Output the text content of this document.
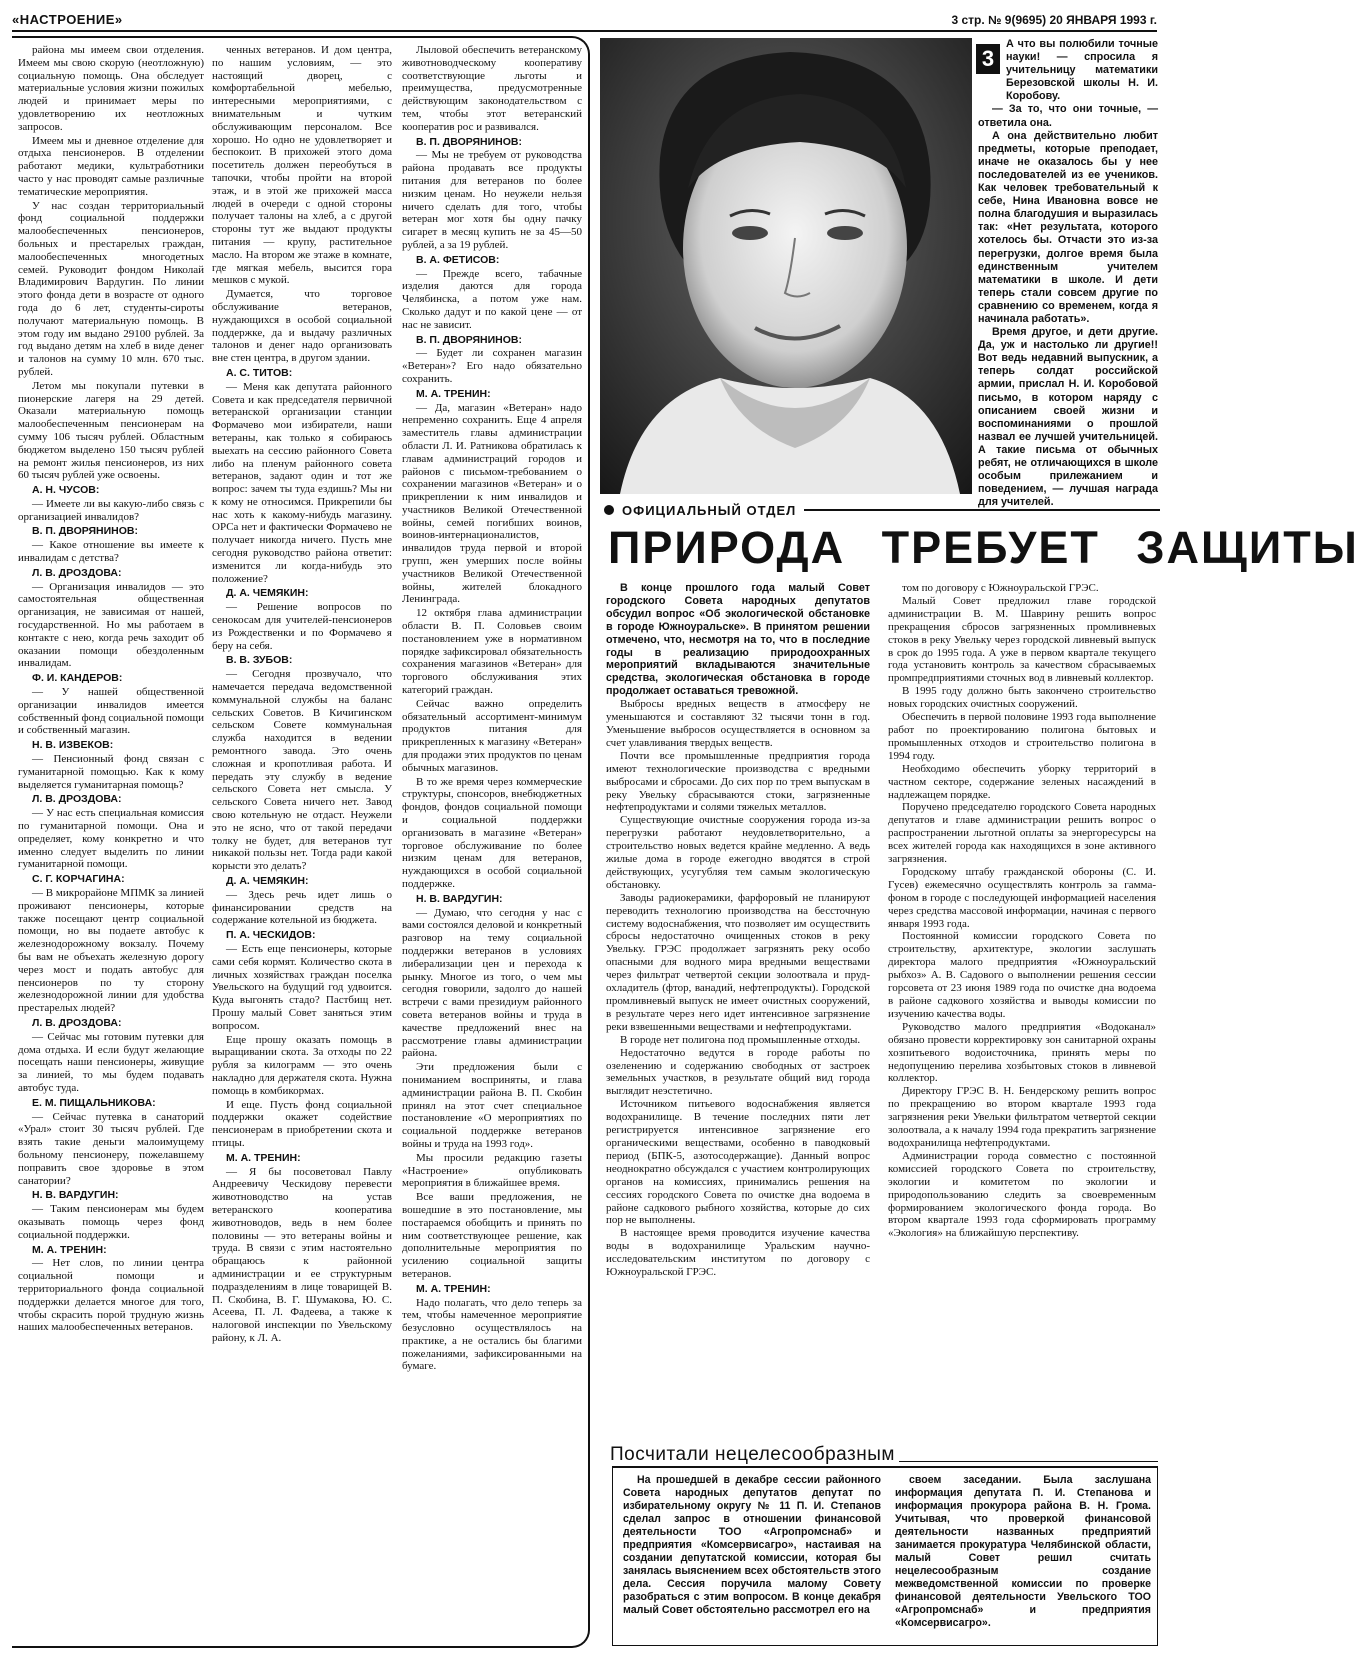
«НАСТРОЕНИЕ»	3 стр. № 9(9695) 20 ЯНВАРЯ 1993 г.

района мы имеем свои отделения. Имеем мы свою скорую (неотложную) социальную помощь. Она обследует материальные условия жизни пожилых людей и принимает меры по удовлетворению их неотложных запросов.

Имеем мы и дневное отделение для отдыха пенсионеров. В отделении работают медики, культработники часто у нас проводят самые различные тематические мероприятия.

У нас создан территориальный фонд социальной поддержки малообеспеченных пенсионеров, больных и престарелых граждан, малообеспеченных многодетных семей. Руководит фондом Николай Владимирович Вардугин. По линии этого фонда дети в возрасте от одного года до 6 лет, студенты-сироты получают материальную помощь. В этом году им выдано 29100 рублей. За год выдано детям на хлеб в виде денег и талонов на сумму 10 млн. 670 тыс. рублей.

Летом мы покупали путевки в пионерские лагеря на 29 детей. Оказали материальную помощь малообеспеченным пенсионерам на сумму 106 тысяч рублей. Областным бюджетом выделено 150 тысяч рублей на ремонт жилья пенсионеров, из них 60 тысяч рублей уже освоены.

А. Н. ЧУСОВ:

— Имеете ли вы какую-либо связь с организацией инвалидов?

В. П. ДВОРЯНИНОВ:

— Какое отношение вы имеете к инвалидам с детства?

Л. В. ДРОЗДОВА:

— Организация инвалидов — это самостоятельная общественная организация, не зависимая от нашей, государственной. Но мы работаем в контакте с нею, когда речь заходит об оказании помощи обездоленным инвалидам.

Ф. И. КАНДЕРОВ:

— У нашей общественной организации инвалидов имеется собственный фонд социальной помощи и собственный магазин.

Н. В. ИЗВЕКОВ:

— Пенсионный фонд связан с гуманитарной помощью. Как к кому выделяется гуманитарная помощь?

Л. В. ДРОЗДОВА:

— У нас есть специальная комиссия по гуманитарной помощи. Она и определяет, кому конкретно и что именно следует выделить по линии гуманитарной помощи.

С. Г. КОРЧАГИНА:

— В микрорайоне МПМК за линией проживают пенсионеры, которые также посещают центр социальной помощи, но вы подаете автобус к железнодорожному вокзалу. Почему бы вам не объехать железную дорогу через мост и подать автобус для пенсионеров по ту сторону железнодорожной линии для удобства престарелых людей?

Л. В. ДРОЗДОВА:

— Сейчас мы готовим путевки для дома отдыха. И если будут желающие посещать наши пенсионеры, живущие за линией, то мы будем подавать автобус туда.

Е. М. ПИЩАЛЬНИКОВА:

— Сейчас путевка в санаторий «Урал» стоит 30 тысяч рублей. Где взять такие деньги малоимущему больному пенсионеру, пожелавшему поправить свое здоровье в этом санатории?

Н. В. ВАРДУГИН:

— Таким пенсионерам мы будем оказывать помощь через фонд социальной поддержки.

М. А. ТРЕНИН:

— Нет слов, по линии центра социальной помощи и территориального фонда социальной поддержки делается многое для того, чтобы скрасить порой трудную жизнь наших малообеспеченных ветеранов.

ченных ветеранов. И дом центра, по нашим условиям, — это настоящий дворец, с комфортабельной мебелью, интересными мероприятиями, с внимательным и чутким обслуживающим персоналом. Все хорошо. Но одно не удовлетворяет и беспокоит. В прихожей этого дома посетитель должен переобуться в тапочки, чтобы пройти на второй этаж, и в этой же прихожей масса людей в очереди с одной стороны получает талоны на хлеб, а с другой стороны тут же выдают продукты питания — крупу, растительное масло. На втором же этаже в комнате, где мягкая мебель, высится гора мешков с мукой.

Думается, что торговое обслуживание ветеранов, нуждающихся в особой социальной поддержке, да и выдачу различных талонов и денег надо организовать вне стен центра, в другом здании.

А. С. ТИТОВ:

— Меня как депутата районного Совета и как председателя первичной ветеранской организации станции Формачево мои избиратели, наши ветераны, как только я собираюсь выехать на сессию районного Совета либо на пленум районного совета ветеранов, задают один и тот же вопрос: зачем ты туда ездишь? Мы ни к кому не относимся. Прикрепили бы нас хоть к какому-нибудь магазину. ОРСа нет и фактически Формачево не получает никогда ничего. Пусть мне сегодня руководство района ответит: изменится ли когда-нибудь это положение?

Д. А. ЧЕМЯКИН:

— Решение вопросов по сенокосам для учителей-пенсионеров из Рождественки и по Формачево я беру на себя.

В. В. ЗУБОВ:

— Сегодня прозвучало, что намечается передача ведомственной коммунальной службы на баланс сельских Советов. В Кичигинском сельском Совете коммунальная служба находится в ведении ремонтного завода. Это очень сложная и кропотливая работа. И передать эту службу в ведение сельского Совета нет смысла. У сельского Совета ничего нет. Завод свою котельную не отдаст. Неужели это не ясно, что от такой передачи толку не будет, для ветеранов тут никакой пользы нет. Тогда ради какой корысти это делать?

Д. А. ЧЕМЯКИН:

— Здесь речь идет лишь о финансировании средств на содержание котельной из бюджета.

П. А. ЧЕСКИДОВ:

— Есть еще пенсионеры, которые сами себя кормят. Количество скота в личных хозяйствах граждан поселка Увельского на будущий год удвоится. Куда выгонять стадо? Пастбищ нет. Прошу малый Совет заняться этим вопросом.

Еще прошу оказать помощь в выращивании скота. За отходы по 22 рубля за килограмм — это очень накладно для держателя скота. Нужна помощь в комбикормах.

И еще. Пусть фонд социальной поддержки окажет содействие пенсионерам в приобретении скота и птицы.

М. А. ТРЕНИН:

— Я бы посоветовал Павлу Андреевичу Ческидову перевести животноводство на устав ветеранского кооператива животноводов, ведь в нем более половины — это ветераны войны и труда. В связи с этим настоятельно обращаюсь к районной администрации и ее структурным подразделениям в лице товарищей В. П. Скобина, В. Г. Шумакова, Ю. С. Асеева, П. Л. Фадеева, а также к налоговой инспекции по Увельскому району, к Л. А.

Лыловой обеспечить ветеранскому животноводческому кооперативу соответствующие льготы и преимущества, предусмотренные действующим законодательством с тем, чтобы этот ветеранский кооператив рос и развивался.

В. П. ДВОРЯНИНОВ:

— Мы не требуем от руководства района продавать все продукты питания для ветеранов по более низким ценам. Но неужели нельзя ничего сделать для того, чтобы ветеран мог хотя бы одну пачку сигарет в месяц купить не за 45—50 рублей, а за 19 рублей.

В. А. ФЕТИСОВ:

— Прежде всего, табачные изделия даются для города Челябинска, а потом уже нам. Сколько дадут и по какой цене — от нас не зависит.

В. П. ДВОРЯНИНОВ:

— Будет ли сохранен магазин «Ветеран»? Его надо обязательно сохранить.

М. А. ТРЕНИН:

— Да, магазин «Ветеран» надо непременно сохранить. Еще 4 апреля заместитель главы администрации области Л. И. Ратникова обратилась к главам администраций городов и районов с письмом-требованием о сохранении магазинов «Ветеран» и о прикреплении к ним инвалидов и участников Великой Отечественной войны, семей погибших воинов, воинов-интернационалистов, инвалидов труда первой и второй групп, жен умерших после войны участников Великой Отечественной войны, жителей блокадного Ленинграда.

12 октября глава администрации области В. П. Соловьев своим постановлением уже в нормативном порядке зафиксировал обязательность сохранения магазинов «Ветеран» для торгового обслуживания этих категорий граждан.

Сейчас важно определить обязательный ассортимент-минимум продуктов питания для прикрепленных к магазину «Ветеран» для продажи этих продуктов по ценам обычных магазинов.

В то же время через коммерческие структуры, спонсоров, внебюджетных фондов, фондов социальной помощи и социальной поддержки организовать в магазине «Ветеран» торговое обслуживание по более низким ценам для ветеранов, нуждающихся в особой социальной поддержке.

Н. В. ВАРДУГИН:

— Думаю, что сегодня у нас с вами состоялся деловой и конкретный разговор на тему социальной поддержки ветеранов в условиях либерализации цен и перехода к рынку. Многое из того, о чем мы сегодня говорили, задолго до нашей встречи с вами президиум районного совета ветеранов войны и труда в качестве предложений внес на рассмотрение главы администрации района.

Эти предложения были с пониманием восприняты, и глава администрации района В. П. Скобин принял на этот счет специальное постановление «О мероприятиях по социальной поддержке ветеранов войны и труда на 1993 год».

Мы просили редакцию газеты «Настроение» опубликовать мероприятия в ближайшее время.

Все ваши предложения, не вошедшие в это постановление, мы постараемся обобщить и принять по ним соответствующее решение, как дополнительные мероприятия по усилению социальной защиты ветеранов.

М. А. ТРЕНИН:

Надо полагать, что дело теперь за тем, чтобы намеченное мероприятие безусловно осуществлялось на практике, а не остались бы благими пожеланиями, зафиксированными на бумаге.

3

А что вы полюбили точные науки! — спросила я учительницу математики Березовской школы Н. И. Коробову.

— За то, что они точные, — ответила она.

А она действительно любит предметы, которые преподает, иначе не оказалось бы у нее последователей из ее учеников. Как человек требовательный к себе, Нина Ивановна вовсе не полна благодушия и выразилась так: «Нет результата, которого хотелось бы. Отчасти это из-за перегрузки, долгое время была единственным учителем математики в школе. И дети теперь стали совсем другие по сравнению со временем, когда я начинала работать».

Время другое, и дети другие. Да, уж и настолько ли другие!! Вот ведь недавний выпускник, а теперь солдат российской армии, прислал Н. И. Коробовой письмо, в котором наряду с описанием своей жизни и воспоминаниями о прошлой назвал ее лучшей учительницей. А такие письма от обычных ребят, не отличающихся в школе особым прилежанием и поведением, — лучшая награда для учителей.

ОФИЦИАЛЬНЫЙ ОТДЕЛ
ПРИРОДА ТРЕБУЕТ ЗАЩИТЫ

В конце прошлого года малый Совет городского Совета народных депутатов обсудил вопрос «Об экологической обстановке в городе Южноуральске». В принятом решении отмечено, что, несмотря на то, что в последние годы в реализацию природоохранных мероприятий вкладываются значительные средства, экологическая обстановка в городе продолжает оставаться тревожной.

Выбросы вредных веществ в атмосферу не уменьшаются и составляют 32 тысячи тонн в год. Уменьшение выбросов осуществляется в основном за счет улавливания твердых веществ.

Почти все промышленные предприятия города имеют технологические производства с вредными выбросами и сбросами. До сих пор по трем выпускам в реку Увельку сбрасываются стоки, загрязненные нефтепродуктами и солями тяжелых металлов.

Существующие очистные сооружения города из-за перегрузки работают неудовлетворительно, а строительство новых ведется крайне медленно. А ведь жилые дома в городе ежегодно вводятся в строй действующих, усугубляя тем самым экологическую обстановку.

Заводы радиокерамики, фарфоровый не планируют переводить технологию производства на бессточную систему водоснабжения, что позволяет им осуществить сбросы недостаточно очищенных стоков в реку Увельку. ГРЭС продолжает загрязнять реку особо опасными для водного мира вредными веществами через фильтрат четвертой секции золоотвала и пруд-охладитель (фтор, ванадий, нефтепродукты). Городской промливневый выпуск не имеет очистных сооружений, в результате через него идет интенсивное загрязнение реки взвешенными веществами и нефтепродуктами.

В городе нет полигона под промышленные отходы.

Недостаточно ведутся в городе работы по озеленению и содержанию свободных от застроек земельных участков, в результате общий вид города выглядит неэстетично.

Источником питьевого водоснабжения является водохранилище. В течение последних пяти лет регистрируется интенсивное загрязнение его органическими веществами, особенно в паводковый период (БПК-5, азотосодержащие). Данный вопрос неоднократно обсуждался с участием контролирующих органов на комиссиях, принимались решения на сессиях городского Совета по очистке дна водоема в районе садкового рыбного хозяйства, которые до сих пор не выполнены.

В настоящее время проводится изучение качества воды в водохранилище Уральским научно-исследовательским институтом по договору с Южноуральской ГРЭС.

том по договору с Южноуральской ГРЭС.

Малый Совет предложил главе городской администрации В. М. Шаврину решить вопрос прекращения сбросов загрязненных промливневых стоков в реку Увельку через городской ливневый выпуск в срок до 1995 года. А уже в первом квартале текущего года установить контроль за качеством сбрасываемых промпредприятиями сточных вод в ливневый коллектор.

В 1995 году должно быть закончено строительство новых городских очистных сооружений.

Обеспечить в первой половине 1993 года выполнение работ по проектированию полигона бытовых и промышленных отходов и строительство полигона в 1994 году.

Необходимо обеспечить уборку территорий в частном секторе, содержание зеленых насаждений в надлежащем порядке.

Поручено председателю городского Совета народных депутатов и главе администрации решить вопрос о распространении льготной оплаты за энергоресурсы на всех жителей города как находящихся в зоне активного загрязнения.

Городскому штабу гражданской обороны (С. И. Гусев) ежемесячно осуществлять контроль за гамма-фоном в городе с последующей информацией населения через средства массовой информации, начиная с первого января 1993 года.

Постоянной комиссии городского Совета по строительству, архитектуре, экологии заслушать директора малого предприятия «Южноуральский рыбхоз» А. В. Садового о выполнении решения сессии горсовета от 23 июня 1989 года по очистке дна водоема в районе садкового хозяйства и выводы комиссии по изучению качества воды.

Руководство малого предприятия «Водоканал» обязано провести корректировку зон санитарной охраны хозпитьевого водоисточника, принять меры по недопущению перелива хозбытовых стоков в ливневой коллектор.

Директору ГРЭС В. Н. Бендерскому решить вопрос по прекращению во втором квартале 1993 года загрязнения реки Увельки фильтратом четвертой секции золоотвала, а к началу 1994 года прекратить загрязнение водохранилища нефтепродуктами.

Администрации города совместно с постоянной комиссией городского Совета по строительству, экологии и комитетом по экологии и природопользованию следить за своевременным формированием экологического фонда города. Во втором квартале 1993 года сформировать программу «Экология» на ближайшую перспективу.

Посчитали нецелесообразным

На прошедшей в декабре сессии районного Совета народных депутатов депутат по избирательному округу № 11 П. И. Степанов сделал запрос в отношении финансовой деятельности ТОО «Агропромснаб» и предприятия «Комсервисагро», настаивая на создании депутатской комиссии, которая бы занялась выяснением всех обстоятельств этого дела. Сессия поручила малому Совету разобраться с этим вопросом. В конце декабря малый Совет обстоятельно рассмотрел его на

своем заседании. Была заслушана информация депутата П. И. Степанова и информация прокурора района В. Н. Грома. Учитывая, что проверкой финансовой деятельности названных предприятий занимается прокуратура Челябинской области, малый Совет решил считать нецелесообразным создание межведомственной комиссии по проверке финансовой деятельности Увельского ТОО «Агропромснаб» и предприятия «Комсервисагро».
